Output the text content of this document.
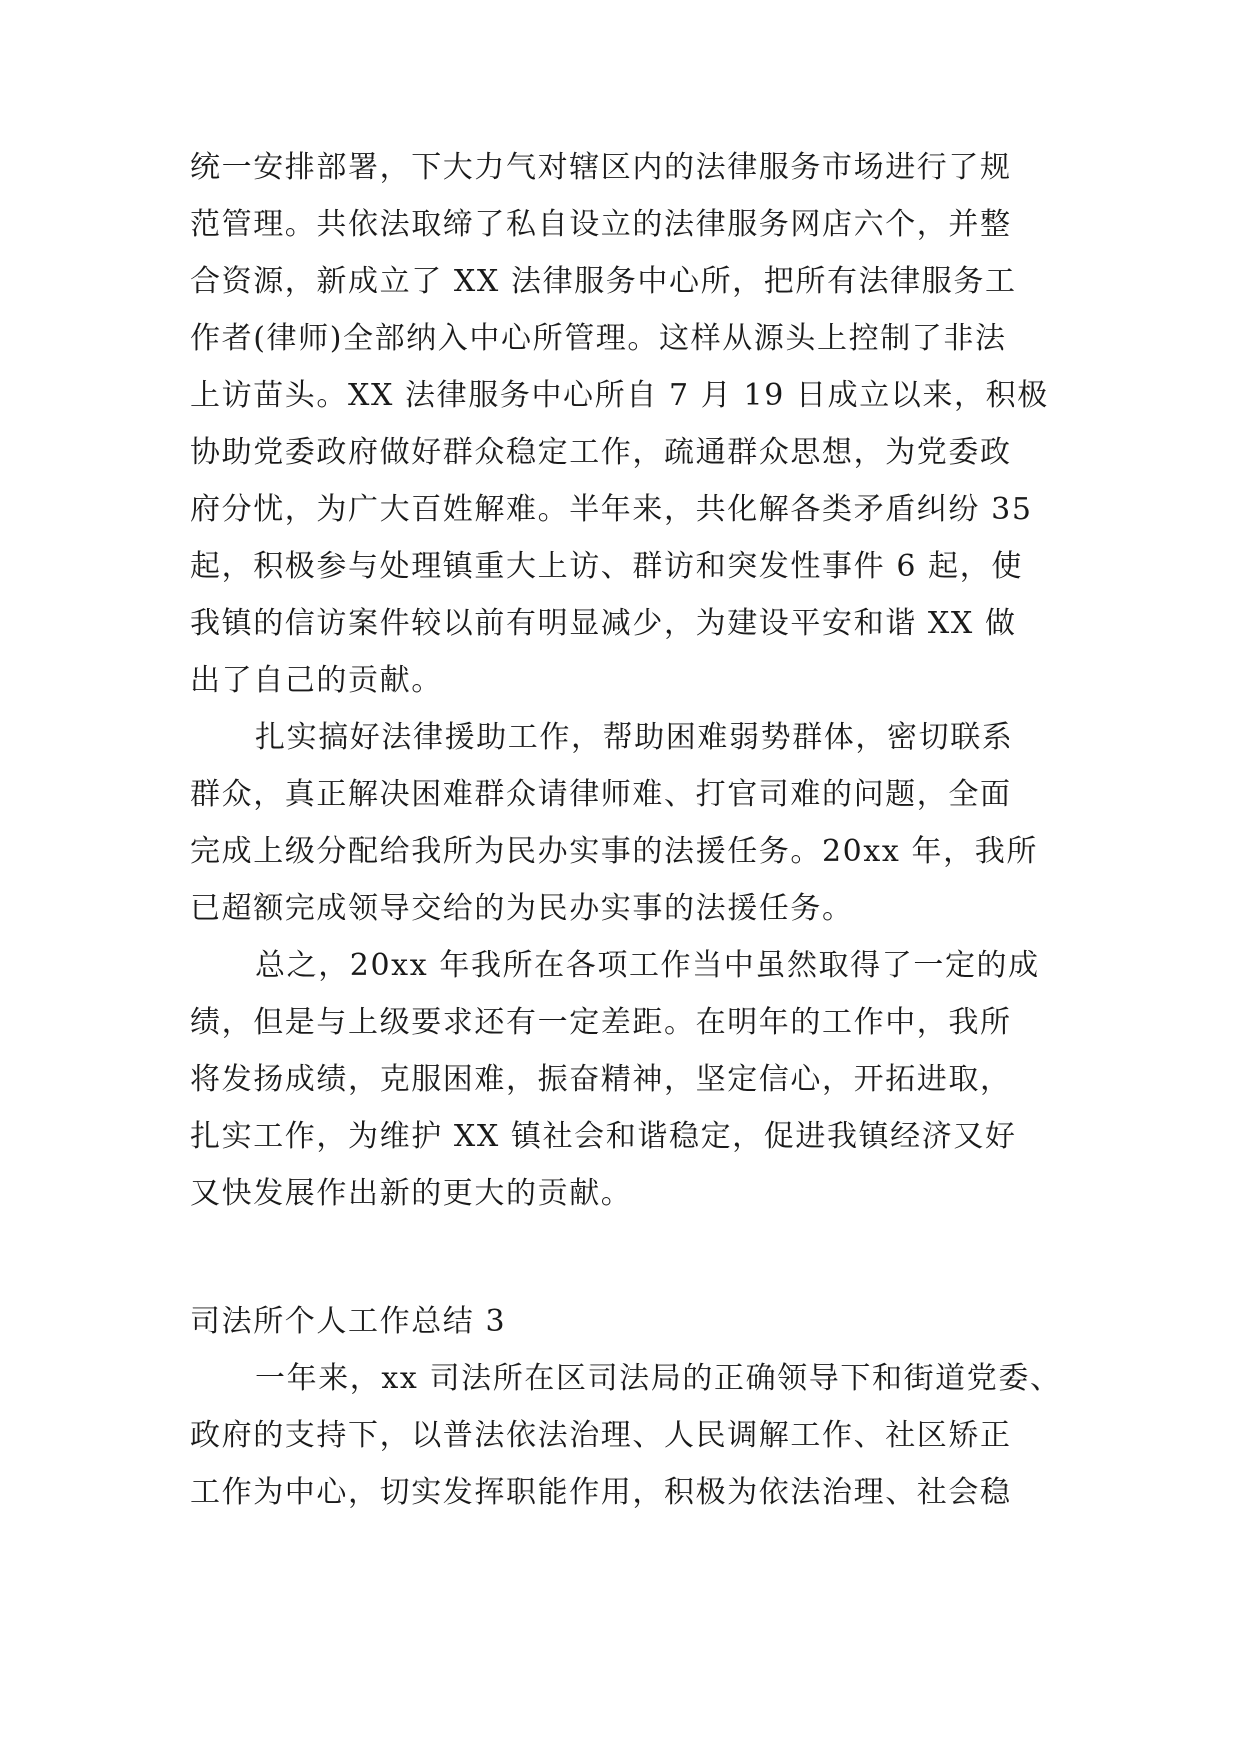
统一安排部署，下大力气对辖区内的法律服务市场进行了规
范管理。共依法取缔了私自设立的法律服务网店六个，并整
合资源，新成立了 XX 法律服务中心所，把所有法律服务工
作者(律师)全部纳入中心所管理。这样从源头上控制了非法
上访苗头。XX 法律服务中心所自 7 月 19 日成立以来，积极
协助党委政府做好群众稳定工作，疏通群众思想，为党委政
府分忧，为广大百姓解难。半年来，共化解各类矛盾纠纷 35
起，积极参与处理镇重大上访、群访和突发性事件 6 起，使
我镇的信访案件较以前有明显减少，为建设平安和谐 XX 做
出了自己的贡献。
扎实搞好法律援助工作，帮助困难弱势群体，密切联系
群众，真正解决困难群众请律师难、打官司难的问题，全面
完成上级分配给我所为民办实事的法援任务。20xx 年，我所
已超额完成领导交给的为民办实事的法援任务。
总之，20xx 年我所在各项工作当中虽然取得了一定的成
绩，但是与上级要求还有一定差距。在明年的工作中，我所
将发扬成绩，克服困难，振奋精神，坚定信心，开拓进取，
扎实工作，为维护 XX 镇社会和谐稳定，促进我镇经济又好
又快发展作出新的更大的贡献。
司法所个人工作总结 3
一年来，xx 司法所在区司法局的正确领导下和街道党委、
政府的支持下，以普法依法治理、人民调解工作、社区矫正
工作为中心，切实发挥职能作用，积极为依法治理、社会稳
